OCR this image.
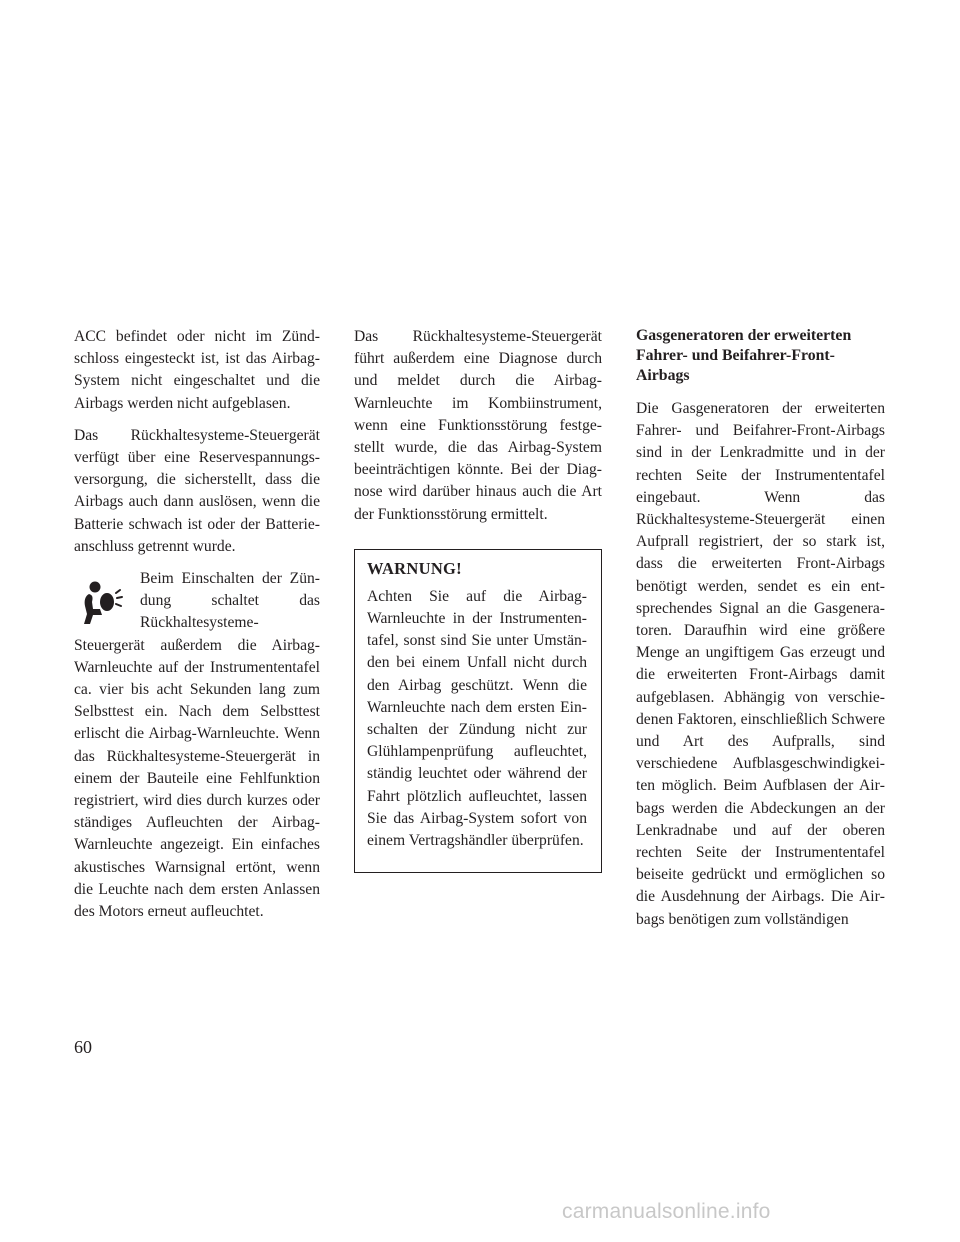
ACC befindet oder nicht im Zündschloss eingesteckt ist, ist das Airbag-System nicht eingeschaltet und die Airbags werden nicht aufgeblasen.

Das Rückhaltesysteme-Steuergerät verfügt über eine Reservespannungsversorgung, die sicherstellt, dass die Airbags auch dann auslösen, wenn die Batterie schwach ist oder der Batterieanschluss getrennt wurde.

Beim Einschalten der Zündung schaltet das Rückhaltesysteme-Steuergerät außerdem die Airbag-Warnleuchte auf der Instrumententafel ca. vier bis acht Sekunden lang zum Selbsttest ein. Nach dem Selbsttest erlischt die Airbag-Warnleuchte. Wenn das Rückhaltesysteme-Steuergerät in einem der Bauteile eine Fehlfunktion registriert, wird dies durch kurzes oder ständiges Aufleuchten der Airbag-Warnleuchte angezeigt. Ein einfaches akustisches Warnsignal ertönt, wenn die Leuchte nach dem ersten Anlassen des Motors erneut aufleuchtet.

Das Rückhaltesysteme-Steuergerät führt außerdem eine Diagnose durch und meldet durch die Airbag-Warnleuchte im Kombiinstrument, wenn eine Funktionsstörung festgestellt wurde, die das Airbag-System beeinträchtigen könnte. Bei der Diagnose wird darüber hinaus auch die Art der Funktionsstörung ermittelt.

WARNUNG!

Achten Sie auf die Airbag-Warnleuchte in der Instrumententafel, sonst sind Sie unter Umständen bei einem Unfall nicht durch den Airbag geschützt. Wenn die Warnleuchte nach dem ersten Einschalten der Zündung nicht zur Glühlampenprüfung aufleuchtet, ständig leuchtet oder während der Fahrt plötzlich aufleuchtet, lassen Sie das Airbag-System sofort von einem Vertragshändler überprüfen.

Gasgeneratoren der erweiterten Fahrer- und Beifahrer-Front-Airbags

Die Gasgeneratoren der erweiterten Fahrer- und Beifahrer-Front-Airbags sind in der Lenkradmitte und in der rechten Seite der Instrumententafel eingebaut. Wenn das Rückhaltesysteme-Steuergerät einen Aufprall registriert, der so stark ist, dass die erweiterten Front-Airbags benötigt werden, sendet es ein entsprechendes Signal an die Gasgeneratoren. Daraufhin wird eine größere Menge an ungiftigem Gas erzeugt und die erweiterten Front-Airbags damit aufgeblasen. Abhängig von verschiedenen Faktoren, einschließlich Schwere und Art des Aufpralls, sind verschiedene Aufblasgeschwindigkeiten möglich. Beim Aufblasen der Airbags werden die Abdeckungen an der Lenkradnabe und auf der oberen rechten Seite der Instrumententafel beiseite gedrückt und ermöglichen so die Ausdehnung der Airbags. Die Airbags benötigen zum vollständigen

60
carmanualsonline.info
